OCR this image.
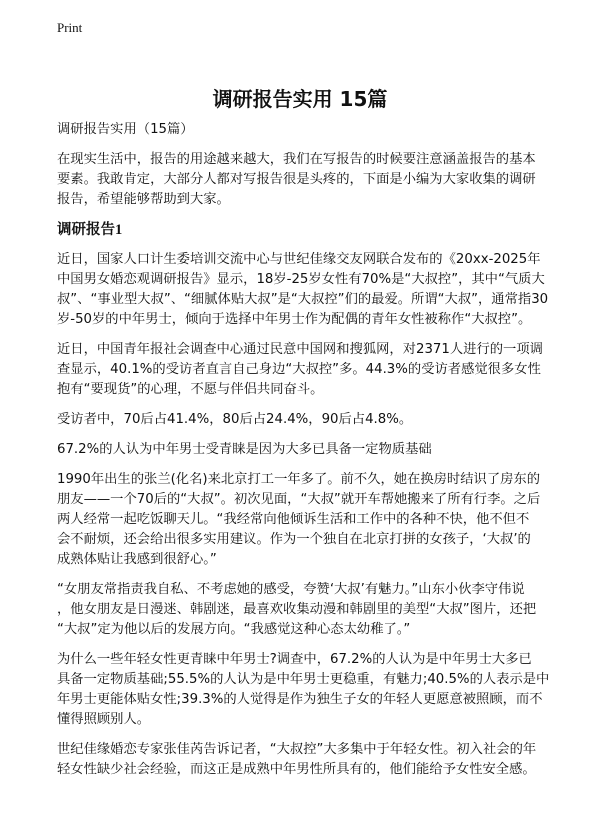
Print
调研报告实用 15篇

调研报告实用（15篇）

在现实生活中，报告的用途越来越大，我们在写报告的时候要注意涵盖报告的基本
要素。我敢肯定，大部分人都对写报告很是头疼的，下面是小编为大家收集的调研
报告，希望能够帮助到大家。

调研报告1

近日，国家人口计生委培训交流中心与世纪佳缘交友网联合发布的《20xx-2025年
中国男女婚恋观调研报告》显示，18岁-25岁女性有70%是“大叔控”，其中“气质大
叔”、“事业型大叔”、“细腻体贴大叔”是“大叔控”们的最爱。所谓“大叔”，通常指30
岁-50岁的中年男士，倾向于选择中年男士作为配偶的青年女性被称作“大叔控”。

近日，中国青年报社会调查中心通过民意中国网和搜狐网，对2371人进行的一项调
查显示，40.1%的受访者直言自己身边“大叔控”多。44.3%的受访者感觉很多女性
抱有“要现货”的心理，不愿与伴侣共同奋斗。

受访者中，70后占41.4%，80后占24.4%，90后占4.8%。

67.2%的人认为中年男士受青睐是因为大多已具备一定物质基础

1990年出生的张兰(化名)来北京打工一年多了。前不久，她在换房时结识了房东的
朋友——一个70后的“大叔”。初次见面，“大叔”就开车帮她搬来了所有行李。之后
两人经常一起吃饭聊天儿。“我经常向他倾诉生活和工作中的各种不快，他不但不
会不耐烦，还会给出很多实用建议。作为一个独自在北京打拼的女孩子，‘大叔’的
成熟体贴让我感到很舒心。”

“女朋友常指责我自私、不考虑她的感受，夸赞‘大叔’有魅力。”山东小伙李守伟说
，他女朋友是日漫迷、韩剧迷，最喜欢收集动漫和韩剧里的美型“大叔”图片，还把
“大叔”定为他以后的发展方向。“我感觉这种心态太幼稚了。”

为什么一些年轻女性更青睐中年男士?调查中，67.2%的人认为是中年男士大多已
具备一定物质基础;55.5%的人认为是中年男士更稳重，有魅力;40.5%的人表示是中
年男士更能体贴女性;39.3%的人觉得是作为独生子女的年轻人更愿意被照顾，而不
懂得照顾别人。

世纪佳缘婚恋专家张佳芮告诉记者，“大叔控”大多集中于年轻女性。初入社会的年
轻女性缺少社会经验，而这正是成熟中年男性所具有的，他们能给予女性安全感。
